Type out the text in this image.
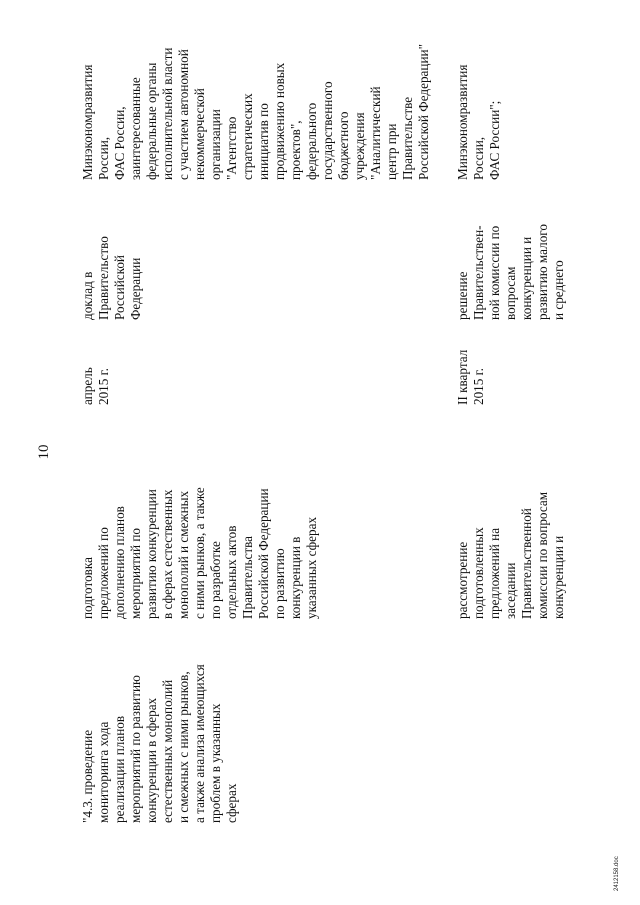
10
"4.3. проведение
мониторинга хода
реализации планов
мероприятий по развитию
конкуренции в сферах
естественных монополий
и смежных с ними рынков,
а также анализа имеющихся
проблем в указанных
сферах
подготовка
предложений по
дополнению планов
мероприятий по
развитию конкуренции
в сферах естественных
монополий и смежных
с ними рынков, а также
по разработке
отдельных актов
Правительства
Российской Федерации
по развитию
конкуренции в
указанных сферах
апрель
2015 г.
доклад в
Правительство
Российской
Федерации
Минэкономразвития
России,
ФАС России,
заинтересованные
федеральные органы
исполнительной власти
с участием автономной
некоммерческой
организации
"Агентство
стратегических
инициатив по
продвижению новых
проектов",
федерального
государственного
бюджетного
учреждения
"Аналитический
центр при
Правительстве
Российской Федерации"
рассмотрение
подготовленных
предложений на
заседании
Правительственной
комиссии по вопросам
конкуренции и
II квартал
2015 г.
решение
Правительствен-
ной комиссии по
вопросам
конкуренции и
развитию малого
и среднего
Минэкономразвития
России,
ФАС России";
2412158.doc
